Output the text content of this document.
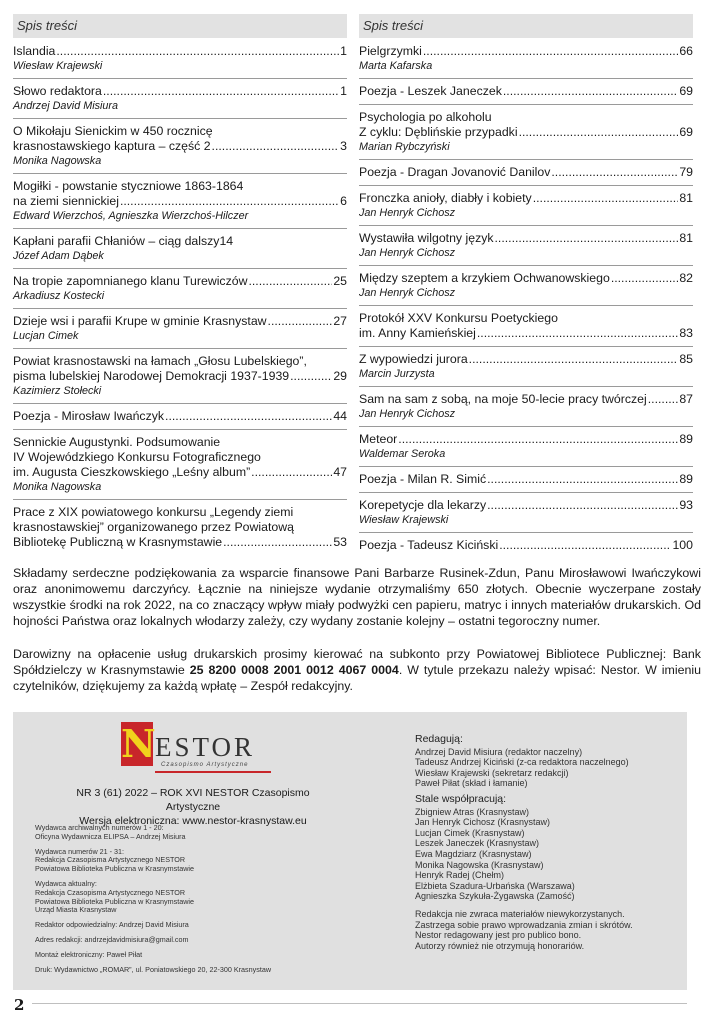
Spis treści
Islandia .....	1
Wiesław Krajewski
Słowo redaktora .....	1
Andrzej David Misiura
O Mikołaju Sienickim w 450 rocznicę
krasnostawskiego kaptura – część 2 .....	3
Monika Nagowska
Mogiłki - powstanie styczniowe 1863-1864
na ziemi siennickiej .....	6
Edward Wierzchoś, Agnieszka Wierzchoś-Hilczer
Kapłani parafii Chłaniów – ciąg dalszy 14
Józef Adam Dąbek
Na tropie zapomnianego klanu Turewiczów .....	25
Arkadiusz Kostecki
Dzieje wsi i parafii Krupe w gminie Krasnystaw .....	27
Lucjan Cimek
Powiat krasnostawski na łamach „Głosu Lubelskiego”,
pisma lubelskiej Narodowej Demokracji 1937-1939 .....	29
Kazimierz Stołecki
Poezja - Mirosław Iwańczyk .....	44
Sennickie Augustynki. Podsumowanie
IV Wojewódzkiego Konkursu Fotograficznego
im. Augusta Cieszkowskiego „Leśny album” .....	47
Monika Nagowska
Prace z XIX powiatowego konkursu „Legendy ziemi
krasnostawskiej” organizowanego przez Powiatową
Bibliotekę Publiczną w Krasnymstawie .....	53
Spis treści
Pielgrzymki .....	66
Marta Kafarska
Poezja - Leszek Janeczek .....	69
Psychologia po alkoholu
Z cyklu: Dęblińskie przypadki .....	69
Marian Rybczyński
Poezja - Dragan Jovanović Danilov .....	79
Fronczka anioły, diabły i kobiety .....	81
Jan Henryk Cichosz
Wystawiła wilgotny język .....	81
Jan Henryk Cichosz
Między szeptem a krzykiem Ochwanowskiego .....	82
Jan Henryk Cichosz
Protokół XXV Konkursu Poetyckiego
im. Anny Kamieńskiej .....	83
Z wypowiedzi jurora .....	85
Marcin Jurzysta
Sam na sam z sobą, na moje 50-lecie pracy twórczej .....	87
Jan Henryk Cichosz
Meteor .....	89
Waldemar Seroka
Poezja - Milan R. Simić .....	89
Korepetycje dla lekarzy .....	93
Wiesław Krajewski
Poezja - Tadeusz Kiciński .....	100
Składamy serdeczne podziękowania za wsparcie finansowe Pani Barbarze Rusinek-Zdun, Panu Mirosławowi Iwańczykowi oraz anonimowemu darczyńcy. Łącznie na niniejsze wydanie otrzymaliśmy 650 złotych. Obecnie wyczerpane zostały wszystkie środki na rok 2022, na co znaczący wpływ miały podwyżki cen papieru, matryc i innych materiałów drukarskich. Od hojności Państwa oraz lokalnych włodarzy zależy, czy wydany zostanie kolejny – ostatni tegoroczny numer.
Darowizny na opłacenie usług drukarskich prosimy kierować na subkonto przy Powiatowej Bibliotece Publicznej: Bank Spółdzielczy w Krasnymstawie 25 8200 0008 2001 0012 4067 0004. W tytule przekazu należy wpisać: Nestor. W imieniu czytelników, dziękujemy za każdą wpłatę – Zespół redakcyjny.
N ESTOR
Czasopismo Artystyczne
NR 3 (61) 2022 – ROK XVI NESTOR Czasopismo Artystyczne
Wersja elektroniczna: www.nestor-krasnystaw.eu
Wydawca archiwalnych numerów 1 - 20:
Oficyna Wydawnicza ELIPSA – Andrzej Misiura
Wydawca numerów 21 - 31:
Redakcja Czasopisma Artystycznego NESTOR
Powiatowa Biblioteka Publiczna w Krasnymstawie
Wydawca aktualny:
Redakcja Czasopisma Artystycznego NESTOR
Powiatowa Biblioteka Publiczna w Krasnymstawie
Urząd Miasta Krasnystaw
Redaktor odpowiedzialny: Andrzej David Misiura
Adres redakcji: andrzejdavidmisiura@gmail.com
Montaż elektroniczny: Paweł Piłat
Druk: Wydawnictwo „ROMAR”, ul. Poniatowskiego 20, 22-300 Krasnystaw
Redagują:
Andrzej David Misiura (redaktor naczelny)
Tadeusz Andrzej Kiciński (z-ca redaktora naczelnego)
Wiesław Krajewski (sekretarz redakcji)
Paweł Piłat (skład i łamanie)
Stale współpracują:
Zbigniew Atras (Krasnystaw)
Jan Henryk Cichosz (Krasnystaw)
Lucjan Cimek (Krasnystaw)
Leszek Janeczek (Krasnystaw)
Ewa Magdziarz (Krasnystaw)
Monika Nagowska (Krasnystaw)
Henryk Radej (Chełm)
Elżbieta Szadura-Urbańska (Warszawa)
Agnieszka Szykuła-Żygawska (Zamość)
Redakcja nie zwraca materiałów niewykorzystanych.
Zastrzega sobie prawo wprowadzania zmian i skrótów.
Nestor redagowany jest pro publico bono.
Autorzy również nie otrzymują honorariów.
2
